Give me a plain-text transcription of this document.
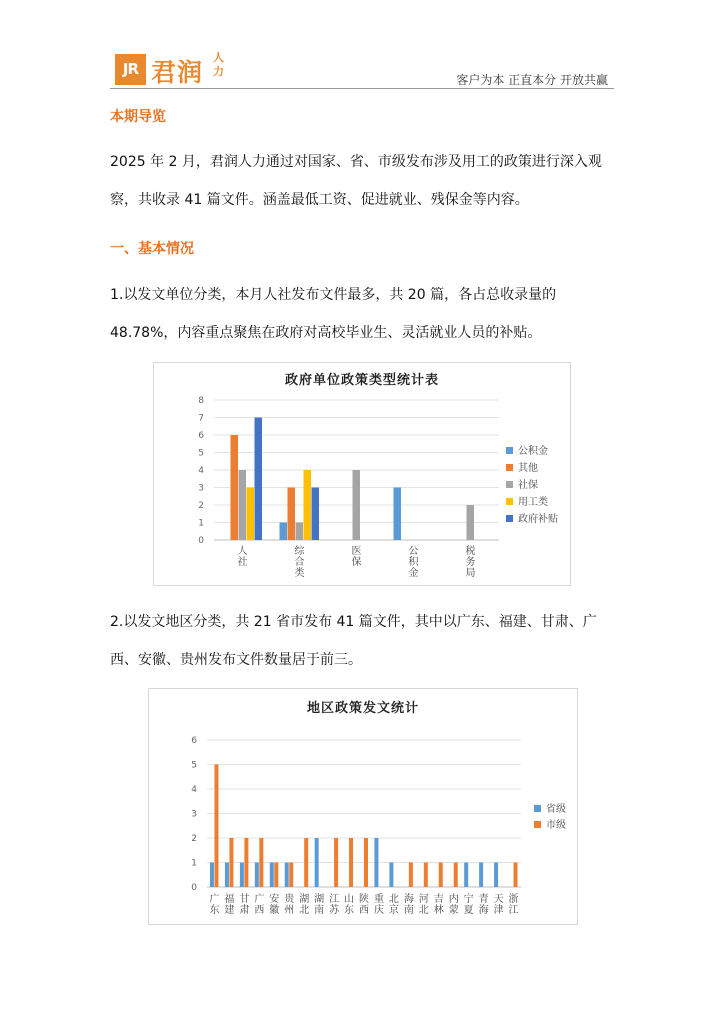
JR 君润
人力
客户为本 正直本分 开放共赢
本期导览
2025 年 2 月，君润人力通过对国家、省、市级发布涉及用工的政策进行深入观察，共收录 41 篇文件。涵盖最低工资、促进就业、残保金等内容。
一、基本情况
1.以发文单位分类，本月人社发布文件最多，共 20 篇，各占总收录量的 48.78%，内容重点聚焦在政府对高校毕业生、灵活就业人员的补贴。
政府单位政策类型统计表
0
1
2
3
4
5
6
7
8
人
社
综
合
类
医
保
公
积
金
税
务
局
公积金
其他
社保
用工类
政府补贴
2.以发文地区分类，共 21 省市发布 41 篇文件，其中以广东、福建、甘肃、广西、安徽、贵州发布文件数量居于前三。
地区政策发文统计
0
1
2
3
4
5
6
广
东
福
建
甘
肃
广
西
安
徽
贵
州
湖
北
湖
南
江
苏
山
东
陕
西
重
庆
北
京
海
南
河
北
吉
林
内
蒙
宁
夏
青
海
天
津
浙
江
省级
市级
